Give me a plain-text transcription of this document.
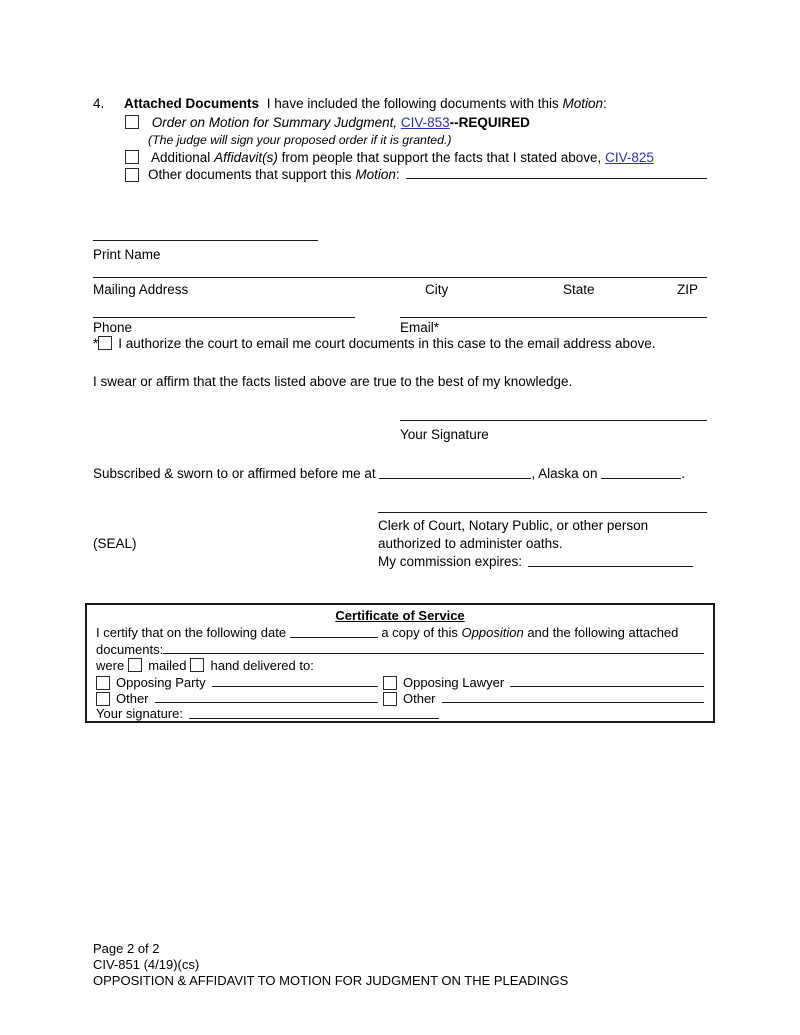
4. Attached Documents I have included the following documents with this Motion:
Order on Motion for Summary Judgment, CIV-853--REQUIRED
(The judge will sign your proposed order if it is granted.)
Additional Affidavit(s) from people that support the facts that I stated above, CIV-825
Other documents that support this Motion :
Print Name
Mailing Address	City	State	ZIP
Phone	Email*
* I authorize the court to email me court documents in this case to the email address above.
I swear or affirm that the facts listed above are true to the best of my knowledge.
Your Signature
Subscribed & sworn to or affirmed before me at	, Alaska on	.
Clerk of Court, Notary Public, or other person
authorized to administer oaths.
My commission expires:
(SEAL)
Certificate of Service
I certify that on the following date	a copy of this Opposition and the following attached
documents:
were mailed hand delivered to:
Opposing Party	Opposing Lawyer
Other	Other
Your signature:
Page 2 of 2
CIV-851 (4/19)(cs)
OPPOSITION & AFFIDAVIT TO MOTION FOR JUDGMENT ON THE PLEADINGS
